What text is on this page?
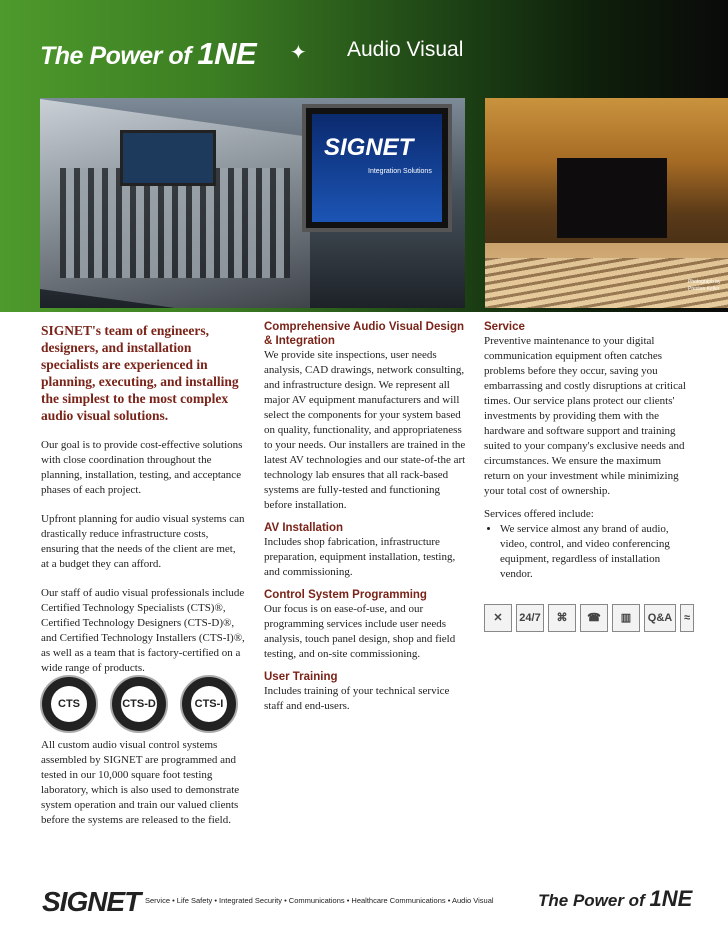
The Power of 1NE ✦ Audio Visual
SIGNET
Integration Solutions
Photograph by Preston Keller

SIGNET's team of engineers, designers, and installation specialists are experienced in planning, executing, and installing the simplest to the most complex audio visual solutions.

Our goal is to provide cost-effective solutions with close coordination throughout the planning, installation, testing, and acceptance phases of each project.

Upfront planning for audio visual systems can drastically reduce infrastructure costs, ensuring that the needs of the client are met, at a budget they can afford.

Our staff of audio visual professionals include Certified Technology Specialists (CTS)®, Certified Technology Designers (CTS-D)®, and Certified Technology Installers (CTS-I)®, as well as a team that is factory-certified on a wide range of products.

CTS	CTS-D	CTS-I

All custom audio visual control systems assembled by SIGNET are programmed and tested in our 10,000 square foot testing laboratory, which is also used to demonstrate system operation and train our valued clients before the systems are released to the field.

Comprehensive Audio Visual Design & Integration

We provide site inspections, user needs analysis, CAD drawings, network consulting, and infrastructure design. We represent all major AV equipment manufacturers and will select the components for your system based on quality, functionality, and appropriateness to your needs. Our installers are trained in the latest AV technologies and our state-of-the art technology lab ensures that all rack-based systems are fully-tested and functioning before installation.

AV Installation

Includes shop fabrication, infrastructure preparation, equipment installation, testing, and commissioning.

Control System Programming

Our focus is on ease-of-use, and our programming services include user needs analysis, touch panel design, shop and field testing, and on-site commissioning.

User Training

Includes training of your technical service staff and end-users.

Service

Preventive maintenance to your digital communication equipment often catches problems before they occur, saving you embarrassing and costly disruptions at critical times. Our service plans protect our clients' investments by providing them with the hardware and software support and training suited to your company's exclusive needs and circumstances. We ensure the maximum return on your investment while minimizing your total cost of ownership.

Services offered include:

• We service almost any brand of audio, video, control, and video conferencing equipment, regardless of installation vendor.
✕	24/7	⌘	☎	▥	Q&A	≈
SIGNET Service • Life Safety • Integrated Security • Communications • Healthcare Communications • Audio Visual	The Power of 1NE
